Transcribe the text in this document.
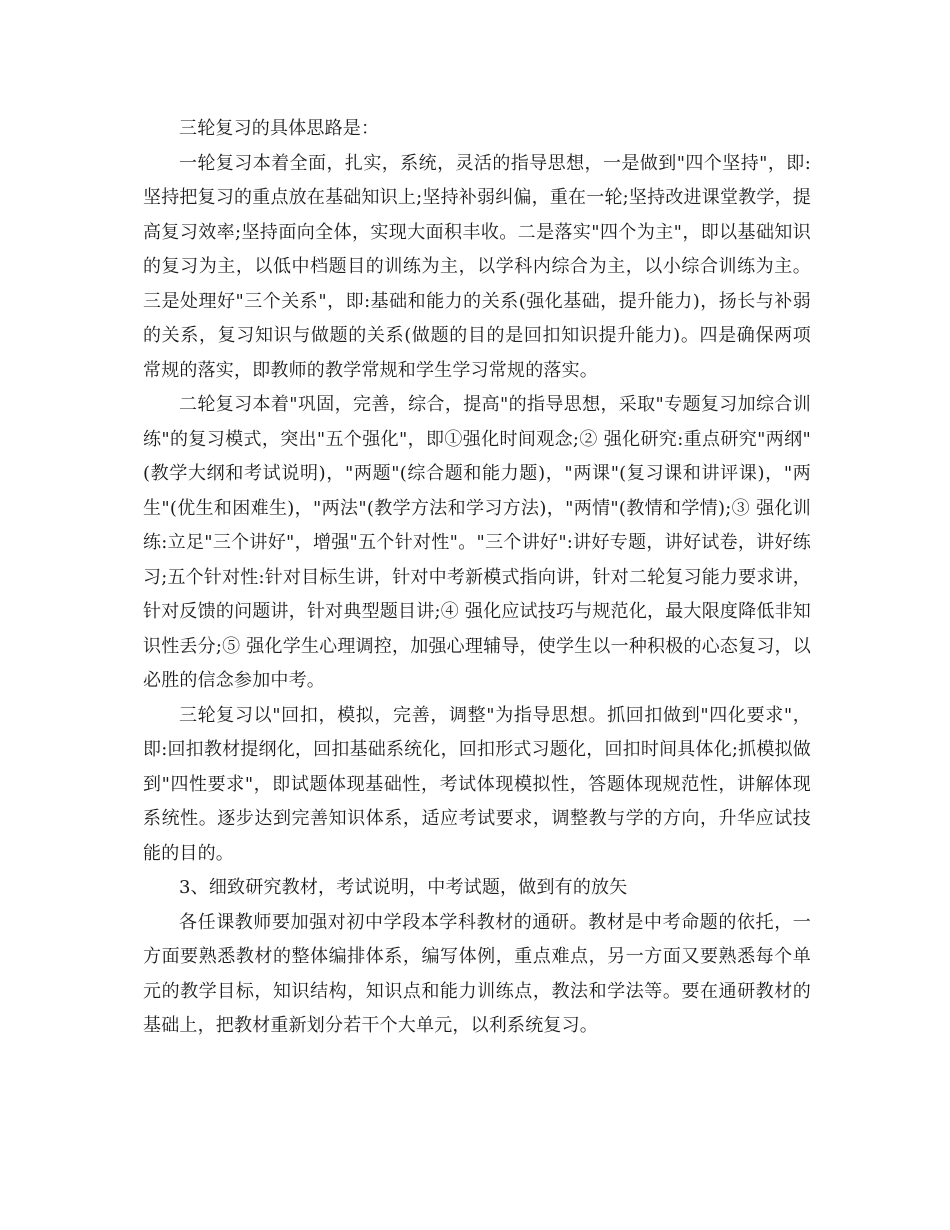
三轮复习的具体思路是：

一轮复习本着全面，扎实，系统，灵活的指导思想，一是做到"四个坚持"，即:坚持把复习的重点放在基础知识上;坚持补弱纠偏，重在一轮;坚持改进课堂教学，提高复习效率;坚持面向全体，实现大面积丰收。二是落实"四个为主"，即以基础知识的复习为主，以低中档题目的训练为主，以学科内综合为主，以小综合训练为主。三是处理好"三个关系"，即:基础和能力的关系(强化基础，提升能力)，扬长与补弱的关系，复习知识与做题的关系(做题的目的是回扣知识提升能力)。四是确保两项常规的落实，即教师的教学常规和学生学习常规的落实。

二轮复习本着"巩固，完善，综合，提高"的指导思想，采取"专题复习加综合训练"的复习模式，突出"五个强化"，即①强化时间观念;② 强化研究:重点研究"两纲"(教学大纲和考试说明)，"两题"(综合题和能力题)，"两课"(复习课和讲评课)，"两生"(优生和困难生)，"两法"(教学方法和学习方法)，"两情"(教情和学情);③ 强化训练:立足"三个讲好"，增强"五个针对性"。"三个讲好":讲好专题，讲好试卷，讲好练习;五个针对性:针对目标生讲，针对中考新模式指向讲，针对二轮复习能力要求讲，针对反馈的问题讲，针对典型题目讲;④ 强化应试技巧与规范化，最大限度降低非知识性丢分;⑤ 强化学生心理调控，加强心理辅导，使学生以一种积极的心态复习，以必胜的信念参加中考。

三轮复习以"回扣，模拟，完善，调整"为指导思想。抓回扣做到"四化要求"，即:回扣教材提纲化，回扣基础系统化，回扣形式习题化，回扣时间具体化;抓模拟做到"四性要求"，即试题体现基础性，考试体现模拟性，答题体现规范性，讲解体现系统性。逐步达到完善知识体系，适应考试要求，调整教与学的方向，升华应试技能的目的。

3、细致研究教材，考试说明，中考试题，做到有的放矢

各任课教师要加强对初中学段本学科教材的通研。教材是中考命题的依托，一方面要熟悉教材的整体编排体系，编写体例，重点难点，另一方面又要熟悉每个单元的教学目标，知识结构，知识点和能力训练点，教法和学法等。要在通研教材的基础上，把教材重新划分若干个大单元，以利系统复习。
